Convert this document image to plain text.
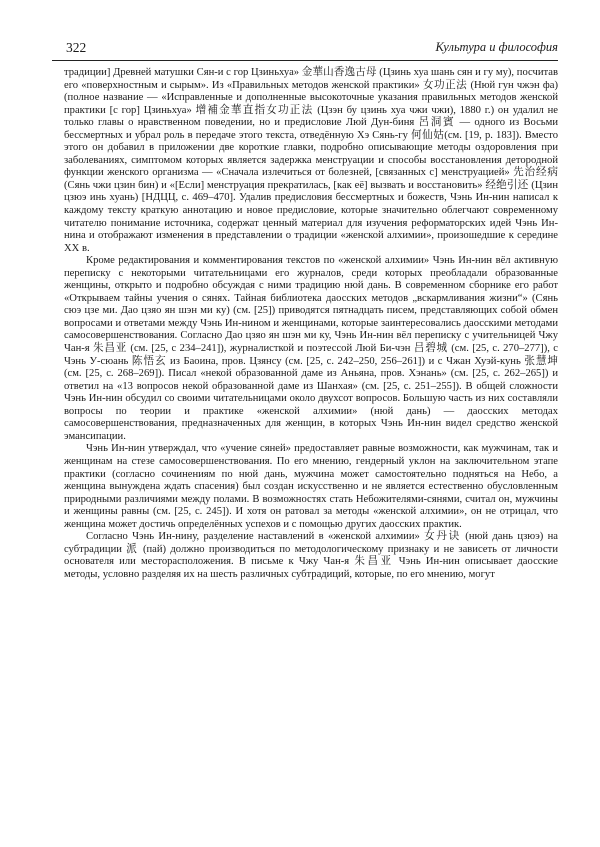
322	Культура и философия

традиции] Древней матушки Сян-и с гор Цзиньхуа» 金華山香逸古母 (Цзинь хуа шань сян и гу му), посчитав его «поверхностным и сырым». Из «Правильных методов женской практики» 女功正法 (Нюй гун чжэн фа) (полное название — «Исправленные и дополненные высокоточные указания правильных методов женской практики [с гор] Цзиньхуа» 增補金華直指女功正法 (Цзэн бу цзинь хуа чжи чжи), 1880 г.) он удалил не только главы о нравственном поведении, но и предисловие Люй Дун-биня 呂洞賓 — одного из Восьми бессмертных и убрал роль в передаче этого текста, отведённую Хэ Сянь-гу 何仙姑(см. [19, p. 183]). Вместо этого он добавил в приложении две короткие главки, подробно описывающие методы оздоровления при заболеваниях, симптомом которых является задержка менструации и способы восстановления детородной функции женского организма — «Сначала излечиться от болезней, [связанных с] менструацией» 先治经病 (Сянь чжи цзин бин) и «[Если] менструация прекратилась, [как её] вызвать и восстановить» 经绝引还 (Цзин цзюэ инь хуань) [НДЦЦ, с. 469–470]. Удалив предисловия бессмертных и божеств, Чэнь Ин-нин написал к каждому тексту краткую аннотацию и новое предисловие, которые значительно облегчают современному читателю понимание источника, содержат ценный материал для изучения реформаторских идей Чэнь Ин-нина и отображают изменения в представлении о традиции «женской алхимии», произошедшие к середине XX в.

Кроме редактирования и комментирования текстов по «женской алхимии» Чэнь Ин-нин вёл активную переписку с некоторыми читательницами его журналов, среди которых преобладали образованные женщины, открыто и подробно обсуждая с ними традицию нюй дань. В современном сборнике его работ «Открываем тайны учения о сянях. Тайная библиотека даосских методов „вскармливания жизни“» (Сянь сюэ цзе ми. Дао цзяо ян шэн ми ку) (см. [25]) приводятся пятнадцать писем, представляющих собой обмен вопросами и ответами между Чэнь Ин-нином и женщинами, которые заинтересовались даосскими методами самосовершенствования. Согласно Дао цзяо ян шэн ми ку, Чэнь Ин-нин вёл переписку с учительницей Чжу Чан-я 朱昌亚 (см. [25, с 234–241]), журналисткой и поэтессой Люй Би-чэн 吕碧城 (см. [25, с. 270–277]), с Чэнь У-сюань 陈悟玄 из Баоина, пров. Цзянсу (см. [25, с. 242–250, 256–261]) и с Чжан Хуэй-кунь 张慧坤 (см. [25, с. 268–269]). Писал «некой образованной даме из Аньяна, пров. Хэнань» (см. [25, с. 262–265]) и ответил на «13 вопросов некой образованной даме из Шанхая» (см. [25, с. 251–255]). В общей сложности Чэнь Ин-нин обсудил со своими читательницами около двухсот вопросов. Большую часть из них составляли вопросы по теории и практике «женской алхимии» (нюй дань) — даосских методах самосовершенствования, предназначенных для женщин, в которых Чэнь Ин-нин видел средство женской эмансипации.

Чэнь Ин-нин утверждал, что «учение сяней» предоставляет равные возможности, как мужчинам, так и женщинам на стезе самосовершенствования. По его мнению, гендерный уклон на заключительном этапе практики (согласно сочинениям по нюй дань, мужчина может самостоятельно подняться на Небо, а женщина вынуждена ждать спасения) был создан искусственно и не является естественно обусловленным природными различиями между полами. В возможностях стать Небожителями-сянями, считал он, мужчины и женщины равны (см. [25, с. 245]). И хотя он ратовал за методы «женской алхимии», он не отрицал, что женщина может достичь определённых успехов и с помощью других даосских практик.

Согласно Чэнь Ин-нину, разделение наставлений в «женской алхимии» 女丹诀 (нюй дань цзюэ) на субтрадиции 派 (пай) должно производиться по методологическому признаку и не зависеть от личности основателя или месторасположения. В письме к Чжу Чан-я 朱昌亚 Чэнь Ин-нин описывает даосские методы, условно разделяя их на шесть различных субтрадиций, которые, по его мнению, могут
